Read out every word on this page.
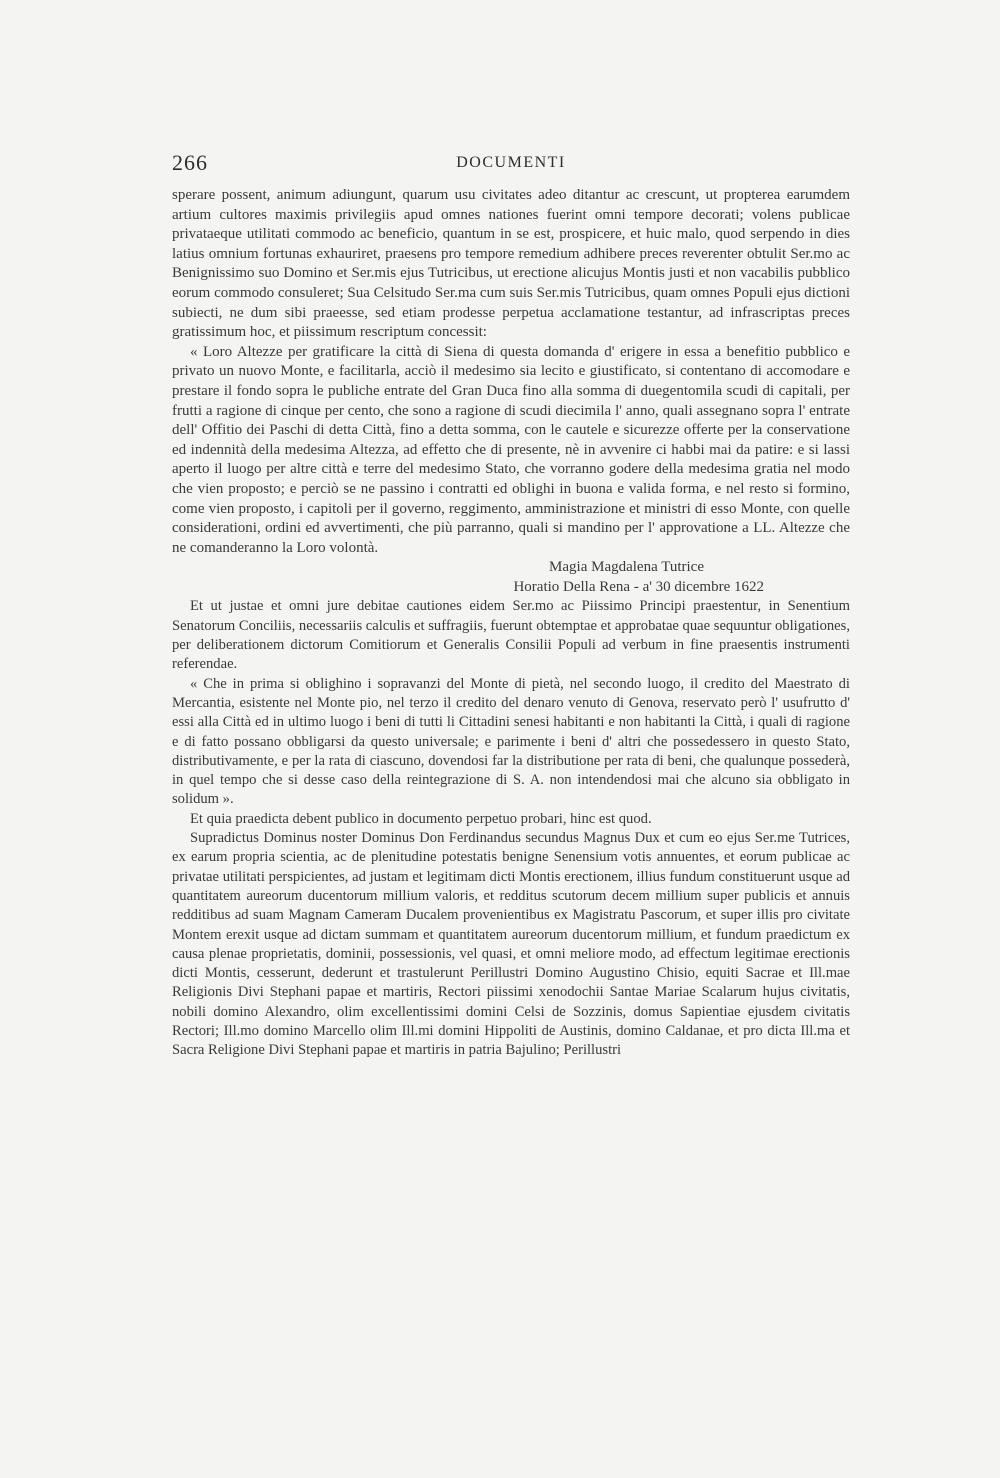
266	DOCUMENTI

sperare possent, animum adiungunt, quarum usu civitates adeo ditantur ac crescunt, ut propterea earumdem artium cultores maximis privilegiis apud omnes nationes fuerint omni tempore decorati; volens publicae privataeque utilitati commodo ac beneficio, quantum in se est, prospicere, et huic malo, quod serpendo in dies latius omnium fortunas exhauriret, praesens pro tempore remedium adhibere preces reverenter obtulit Ser.mo ac Benignissimo suo Domino et Ser.mis ejus Tutricibus, ut erectione alicujus Montis justi et non vacabilis pubblico eorum commodo consuleret; Sua Celsitudo Ser.ma cum suis Ser.mis Tutricibus, quam omnes Populi ejus dictioni subiecti, ne dum sibi praeesse, sed etiam prodesse perpetua acclamatione testantur, ad infrascriptas preces gratissimum hoc, et piissimum rescriptum concessit:

« Loro Altezze per gratificare la città di Siena di questa domanda d' erigere in essa a benefitio pubblico e privato un nuovo Monte, e facilitarla, acciò il medesimo sia lecito e giustificato, si contentano di accomodare e prestare il fondo sopra le publiche entrate del Gran Duca fino alla somma di duegentomila scudi di capitali, per frutti a ragione di cinque per cento, che sono a ragione di scudi diecimila l' anno, quali assegnano sopra l' entrate dell' Offitio dei Paschi di detta Città, fino a detta somma, con le cautele e sicurezze offerte per la conservatione ed indennità della medesima Altezza, ad effetto che di presente, nè in avvenire ci habbi mai da patire: e si lassi aperto il luogo per altre città e terre del medesimo Stato, che vorranno godere della medesima gratia nel modo che vien proposto; e perciò se ne passino i contratti ed oblighi in buona e valida forma, e nel resto si formino, come vien proposto, i capitoli per il governo, reggimento, amministrazione et ministri di esso Monte, con quelle considerationi, ordini ed avvertimenti, che più parranno, quali si mandino per l' approvatione a LL. Altezze che ne comanderanno la Loro volontà.

Magia Magdalena Tutrice

Horatio Della Rena - a' 30 dicembre 1622

Et ut justae et omni jure debitae cautiones eidem Ser.mo ac Piissimo Principi praestentur, in Senentium Senatorum Conciliis, necessariis calculis et suffragiis, fuerunt obtemptae et approbatae quae sequuntur obligationes, per deliberationem dictorum Comitiorum et Generalis Consilii Populi ad verbum in fine praesentis instrumenti referendae.

« Che in prima si oblighino i sopravanzi del Monte di pietà, nel secondo luogo, il credito del Maestrato di Mercantia, esistente nel Monte pio, nel terzo il credito del denaro venuto di Genova, reservato però l' usufrutto d' essi alla Città ed in ultimo luogo i beni di tutti li Cittadini senesi habitanti e non habitanti la Città, i quali di ragione e di fatto possano obbligarsi da questo universale; e parimente i beni d' altri che possedessero in questo Stato, distributivamente, e per la rata di ciascuno, dovendosi far la distributione per rata di beni, che qualunque possederà, in quel tempo che si desse caso della reintegrazione di S. A. non intendendosi mai che alcuno sia obbligato in solidum ».

Et quia praedicta debent publico in documento perpetuo probari, hinc est quod.

Supradictus Dominus noster Dominus Don Ferdinandus secundus Magnus Dux et cum eo ejus Ser.me Tutrices, ex earum propria scientia, ac de plenitudine potestatis benigne Senensium votis annuentes, et eorum publicae ac privatae utilitati perspicientes, ad justam et legitimam dicti Montis erectionem, illius fundum constituerunt usque ad quantitatem aureorum ducentorum millium valoris, et redditus scutorum decem millium super publicis et annuis redditibus ad suam Magnam Cameram Ducalem provenientibus ex Magistratu Pascorum, et super illis pro civitate Montem erexit usque ad dictam summam et quantitatem aureorum ducentorum millium, et fundum praedictum ex causa plenae proprietatis, dominii, possessionis, vel quasi, et omni meliore modo, ad effectum legitimae erectionis dicti Montis, cesserunt, dederunt et trastulerunt Perillustri Domino Augustino Chisio, equiti Sacrae et Ill.mae Religionis Divi Stephani papae et martiris, Rectori piissimi xenodochii Santae Mariae Scalarum hujus civitatis, nobili domino Alexandro, olim excellentissimi domini Celsi de Sozzinis, domus Sapientiae ejusdem civitatis Rectori; Ill.mo domino Marcello olim Ill.mi domini Hippoliti de Austinis, domino Caldanae, et pro dicta Ill.ma et Sacra Religione Divi Stephani papae et martiris in patria Bajulino; Perillustri
